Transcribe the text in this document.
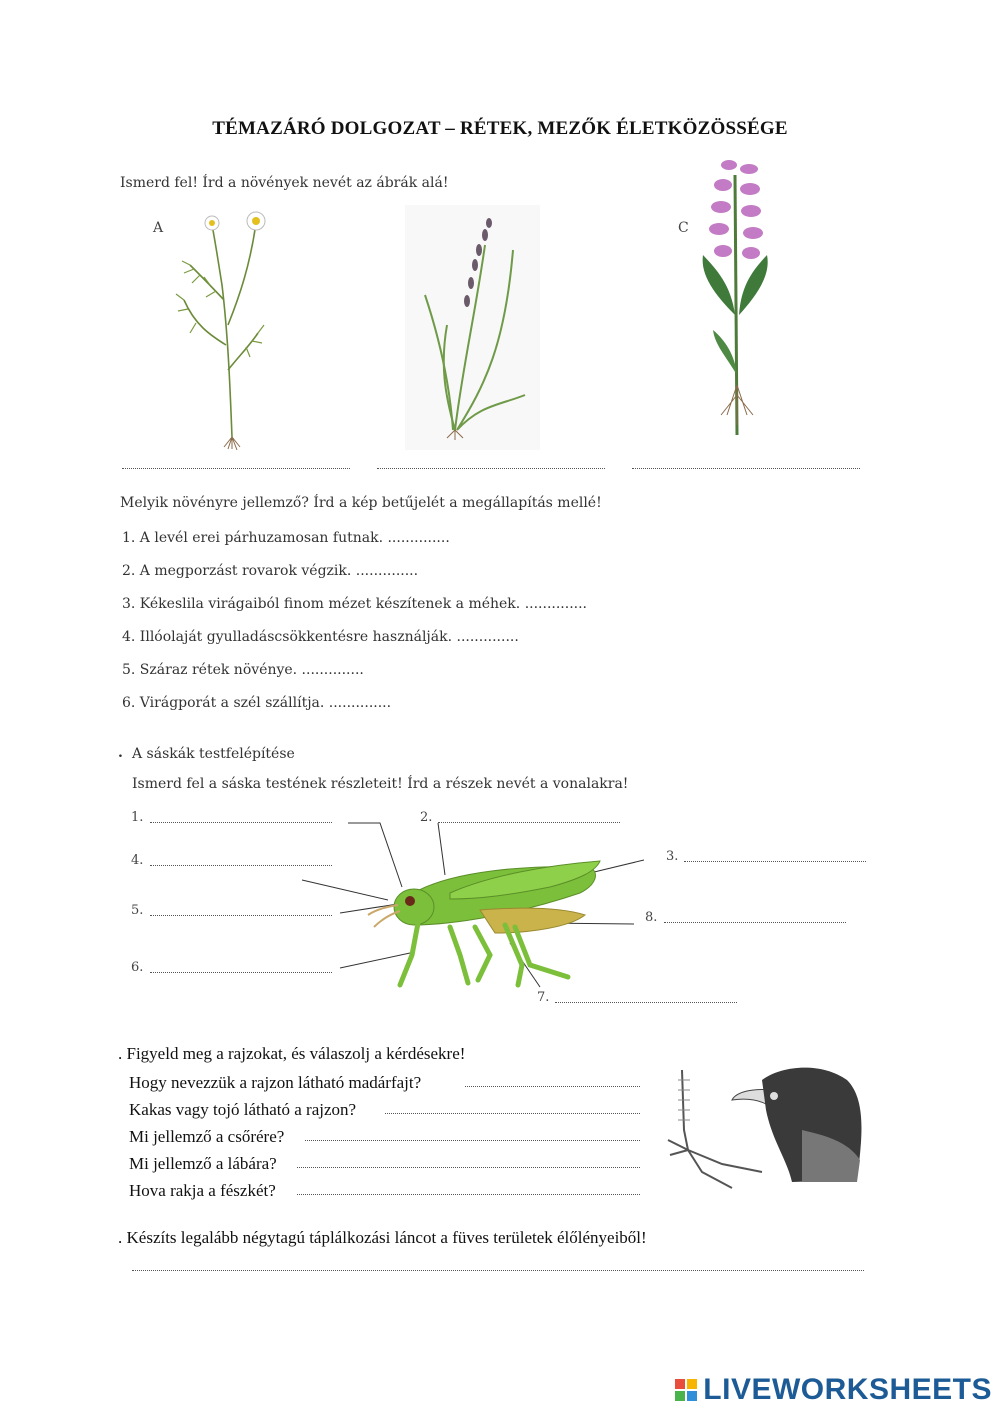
TÉMAZÁRÓ DOLGOZAT – RÉTEK, MEZŐK ÉLETKÖZÖSSÉGE
Ismerd fel! Írd a növények nevét az ábrák alá!
A	C
Melyik növényre jellemző? Írd a kép betűjelét a megállapítás mellé!
1. A levél erei párhuzamosan futnak. ..............
2. A megporzást rovarok végzik. ..............
3. Kékeslila virágaiból finom mézet készítenek a méhek. ..............
4. Illóolaját gyulladáscsökkentésre használják. ..............
5. Száraz rétek növénye. ..............
6. Virágporát a szél szállítja. ..............
. A sáskák testfelépítése
Ismerd fel a sáska testének részleteit! Írd a részek nevét a vonalakra!
1.	2.
3.
4.
5.
6.
7.
8.
. Figyeld meg a rajzokat, és válaszolj a kérdésekre!
Hogy nevezzük a rajzon látható madárfajt?
Kakas vagy tojó látható a rajzon?
Mi jellemző a csőrére?
Mi jellemző a lábára?
Hova rakja a fészkét?
. Készíts legalább négytagú táplálkozási láncot a füves területek élőlényeiből!
LIVEWORKSHEETS
